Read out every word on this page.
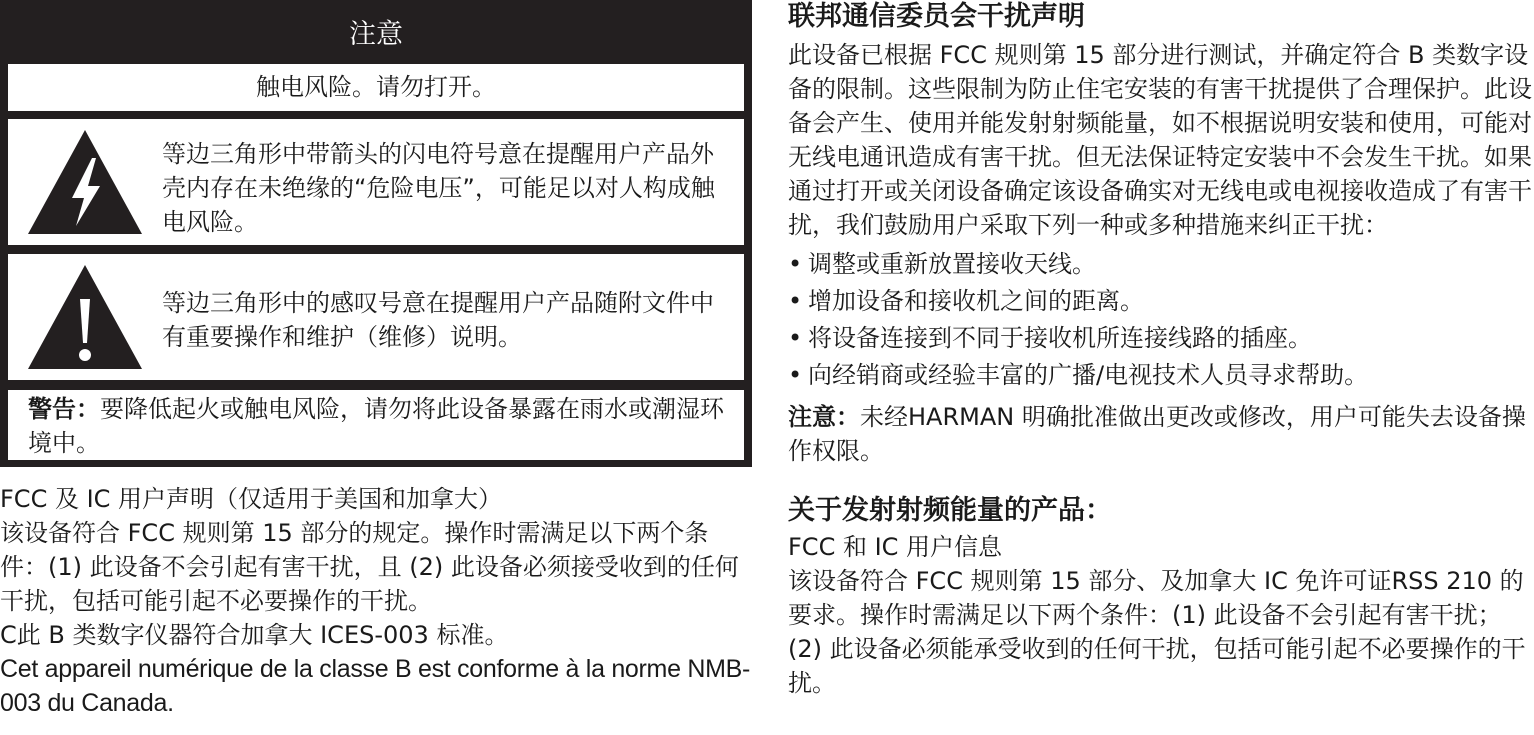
注意
触电风险。请勿打开。
等边三角形中带箭头的闪电符号意在提醒用户产品外壳内存在未绝缘的“危险电压”，可能足以对人构成触电风险。
等边三角形中的感叹号意在提醒用户产品随附文件中有重要操作和维护（维修）说明。
警告：要降低起火或触电风险，请勿将此设备暴露在雨水或潮湿环境中。

FCC 及 IC 用户声明（仅适用于美国和加拿大）

该设备符合 FCC 规则第 15 部分的规定。操作时需满足以下两个条件：(1) 此设备不会引起有害干扰，且 (2) 此设备必须接受收到的任何干扰，包括可能引起不必要操作的干扰。

C此 B 类数字仪器符合加拿大 ICES-003 标准。

Cet appareil numérique de la classe B est conforme à la norme NMB-003 du Canada.

联邦通信委员会干扰声明

此设备已根据 FCC 规则第 15 部分进行测试，并确定符合 B 类数字设备的限制。这些限制为防止住宅安装的有害干扰提供了合理保护。此设备会产生、使用并能发射射频能量，如不根据说明安装和使用，可能对无线电通讯造成有害干扰。但无法保证特定安装中不会发生干扰。如果通过打开或关闭设备确定该设备确实对无线电或电视接收造成了有害干扰，我们鼓励用户采取下列一种或多种措施来纠正干扰：

• 调整或重新放置接收天线。
• 增加设备和接收机之间的距离。
• 将设备连接到不同于接收机所连接线路的插座。
• 向经销商或经验丰富的广播/电视技术人员寻求帮助。

注意：未经HARMAN 明确批准做出更改或修改，用户可能失去设备操作权限。

关于发射射频能量的产品：

FCC 和 IC 用户信息

该设备符合 FCC 规则第 15 部分、及加拿大 IC 免许可证RSS 210 的要求。操作时需满足以下两个条件：(1) 此设备不会引起有害干扰；(2) 此设备必须能承受收到的任何干扰，包括可能引起不必要操作的干扰。
